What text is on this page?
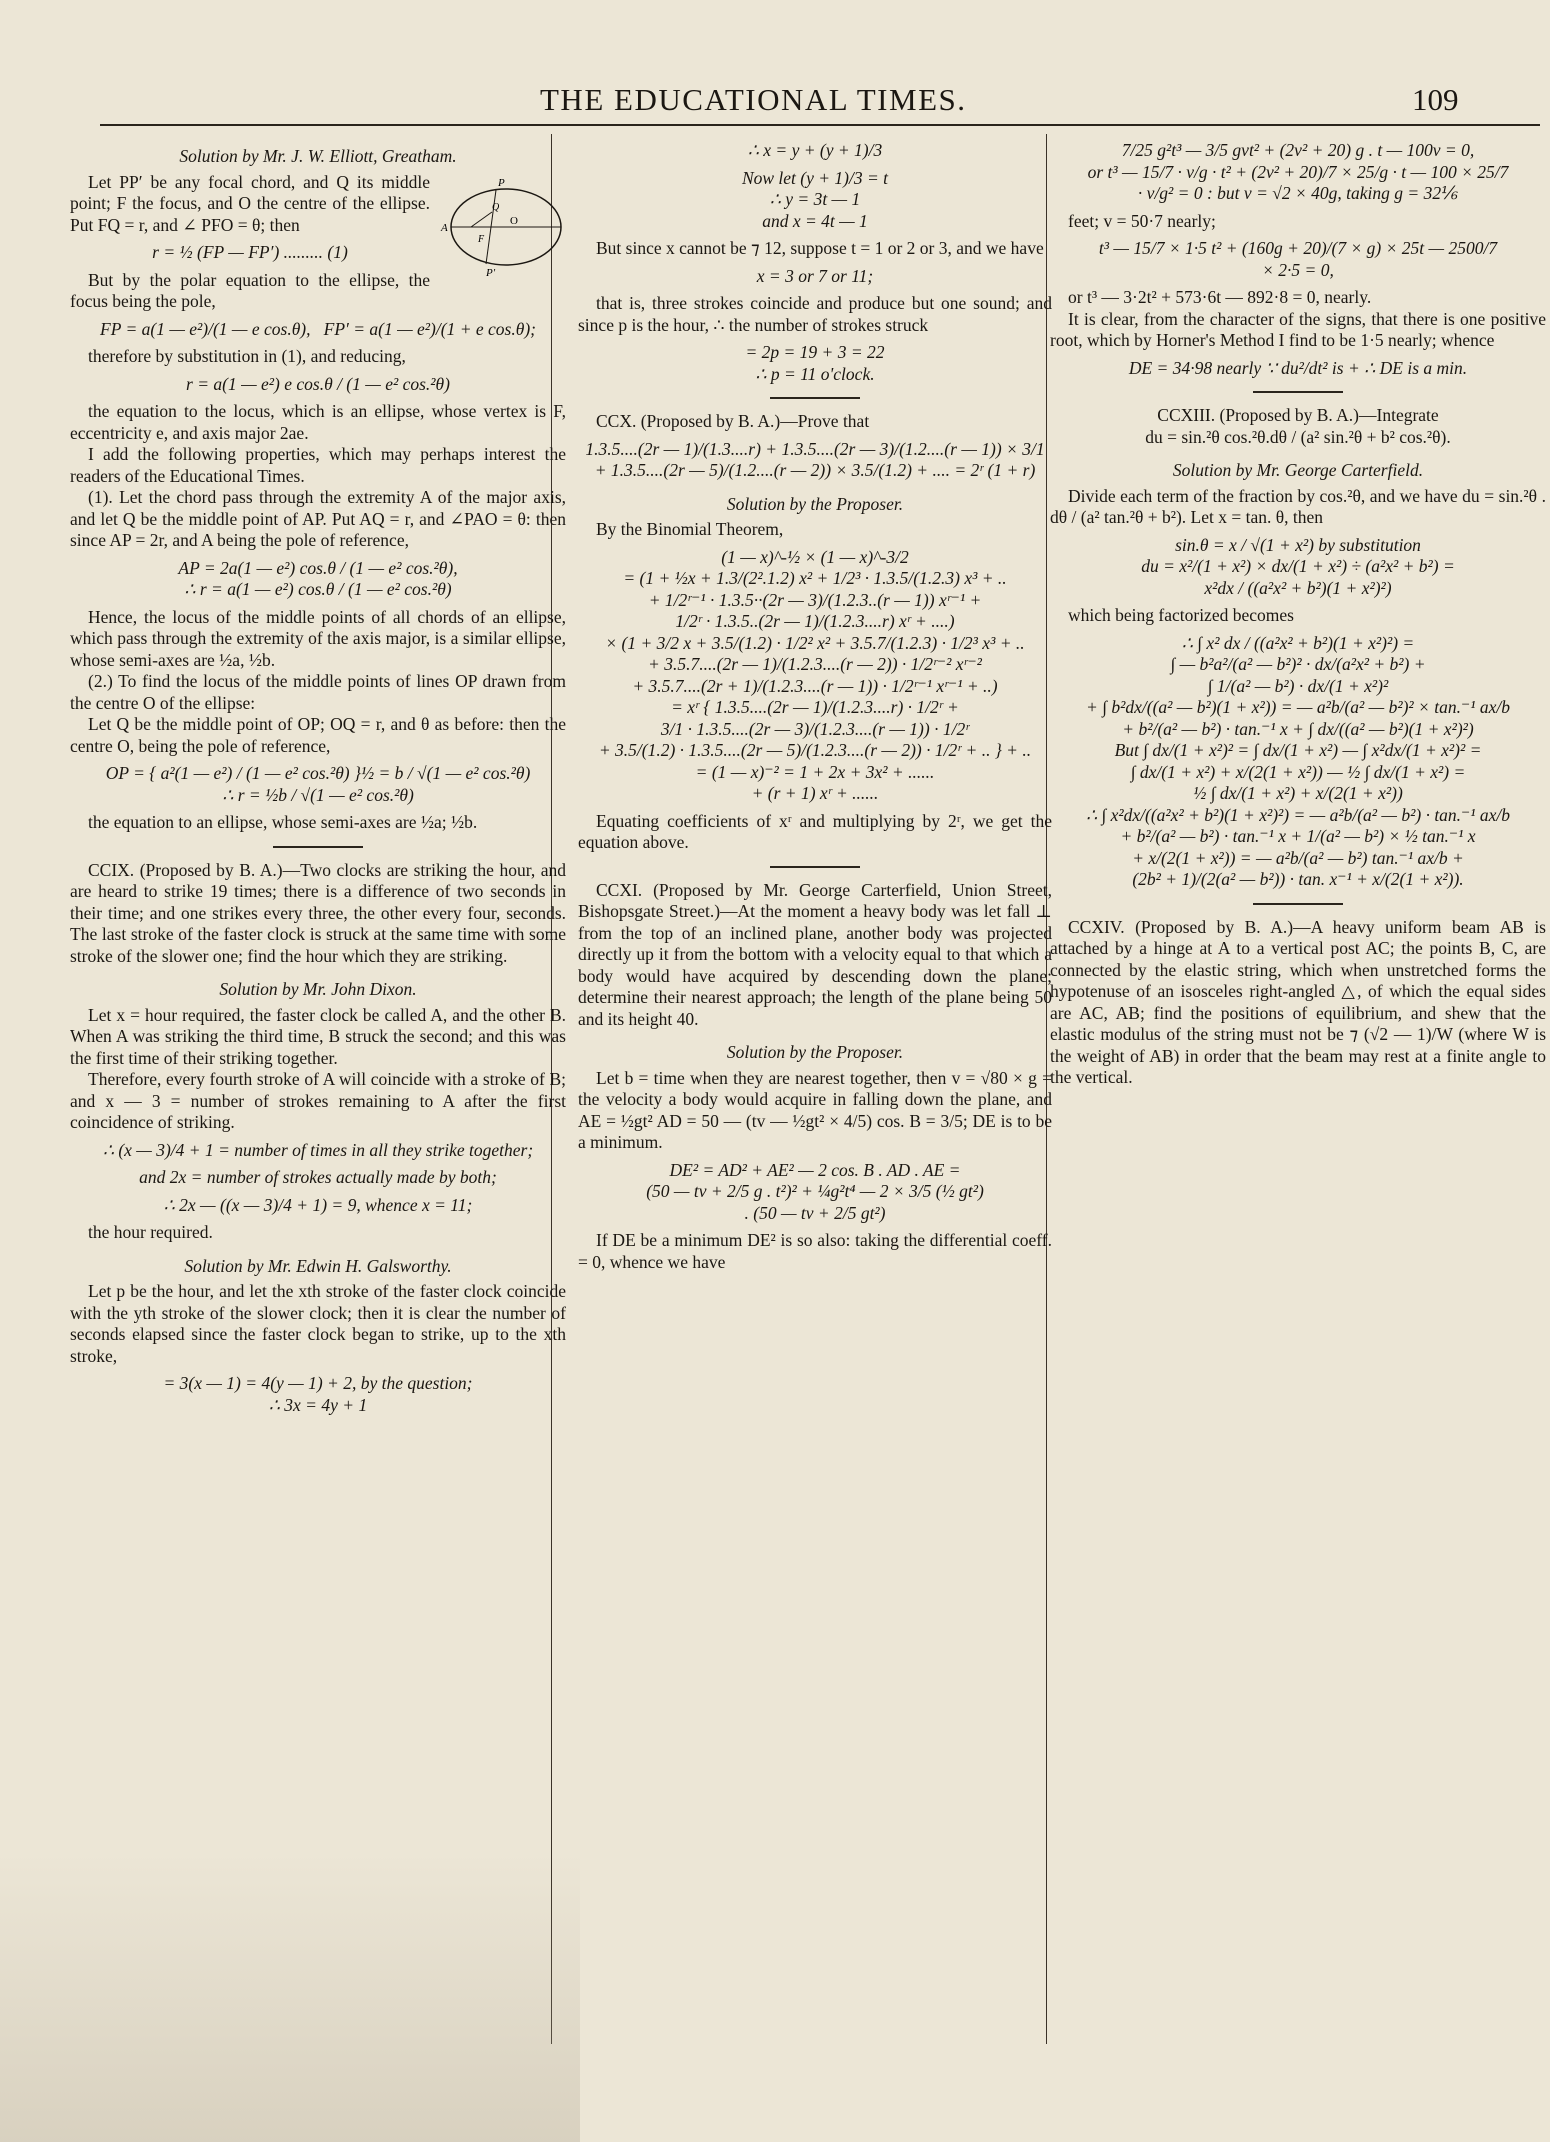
THE EDUCATIONAL TIMES.	109
Solution by Mr. J. W. Elliott, Greatham.
A
P
P′
O
F
Q

Let PP′ be any focal chord, and Q its middle point; F the focus, and O the centre of the ellipse. Put FQ = r, and ∠ PFO = θ; then

r = ½ (FP — FP′) ......... (1)

But by the polar equation to the ellipse, the focus being the pole,

FP = a(1 — e²)/(1 — e cos.θ),   FP′ = a(1 — e²)/(1 + e cos.θ);

therefore by substitution in (1), and reducing,

r = a(1 — e²) e cos.θ / (1 — e² cos.²θ)

the equation to the locus, which is an ellipse, whose vertex is F, eccentricity e, and axis major 2ae.

I add the following properties, which may perhaps interest the readers of the Educational Times.

(1). Let the chord pass through the extremity A of the major axis, and let Q be the middle point of AP. Put AQ = r, and ∠PAO = θ: then since AP = 2r, and A being the pole of reference,

AP = 2a(1 — e²) cos.θ / (1 — e² cos.²θ),
∴ r = a(1 — e²) cos.θ / (1 — e² cos.²θ)

Hence, the locus of the middle points of all chords of an ellipse, which pass through the extremity of the axis major, is a similar ellipse, whose semi-axes are ½a, ½b.

(2.) To find the locus of the middle points of lines OP drawn from the centre O of the ellipse:

Let Q be the middle point of OP; OQ = r, and θ as before: then the centre O, being the pole of reference,

OP = { a²(1 — e²) / (1 — e² cos.²θ) }½ = b / √(1 — e² cos.²θ)
∴ r = ½b / √(1 — e² cos.²θ)

the equation to an ellipse, whose semi-axes are ½a; ½b.

CCIX. (Proposed by B. A.)—Two clocks are striking the hour, and are heard to strike 19 times; there is a difference of two seconds in their time; and one strikes every three, the other every four, seconds. The last stroke of the faster clock is struck at the same time with some stroke of the slower one; find the hour which they are striking.

Solution by Mr. John Dixon.

Let x = hour required, the faster clock be called A, and the other B. When A was striking the third time, B struck the second; and this was the first time of their striking together.

Therefore, every fourth stroke of A will coincide with a stroke of B; and x — 3 = number of strokes remaining to A after the first coincidence of striking.

∴ (x — 3)/4 + 1 = number of times in all they strike together;
and 2x = number of strokes actually made by both;
∴ 2x — ((x — 3)/4 + 1) = 9, whence x = 11;

the hour required.

Solution by Mr. Edwin H. Galsworthy.

Let p be the hour, and let the xth stroke of the faster clock coincide with the yth stroke of the slower clock; then it is clear the number of seconds elapsed since the faster clock began to strike, up to the xth stroke,

= 3(x — 1) = 4(y — 1) + 2, by the question;
∴ 3x = 4y + 1
∴ x = y + (y + 1)/3
Now let (y + 1)/3 = t
∴ y = 3t — 1
and x = 4t — 1

But since x cannot be ⁊ 12, suppose t = 1 or 2 or 3, and we have

x = 3 or 7 or 11;

that is, three strokes coincide and produce but one sound; and since p is the hour, ∴ the number of strokes struck

= 2p = 19 + 3 = 22
∴ p = 11 o'clock.

CCX. (Proposed by B. A.)—Prove that

1.3.5....(2r — 1)/(1.3....r) + 1.3.5....(2r — 3)/(1.2....(r — 1)) × 3/1
+ 1.3.5....(2r — 5)/(1.2....(r — 2)) × 3.5/(1.2) + .... = 2ʳ (1 + r)
Solution by the Proposer.

By the Binomial Theorem,

(1 — x)^-½ × (1 — x)^-3/2
= (1 + ½x + 1.3/(2².1.2) x² + 1/2³ · 1.3.5/(1.2.3) x³ + ..
+ 1/2ʳ⁻¹ · 1.3.5··(2r — 3)/(1.2.3..(r — 1)) xʳ⁻¹ +
1/2ʳ · 1.3.5..(2r — 1)/(1.2.3....r) xʳ + ....)
× (1 + 3/2 x + 3.5/(1.2) · 1/2² x² + 3.5.7/(1.2.3) · 1/2³ x³ + ..
+ 3.5.7....(2r — 1)/(1.2.3....(r — 2)) · 1/2ʳ⁻² xʳ⁻²
+ 3.5.7....(2r + 1)/(1.2.3....(r — 1)) · 1/2ʳ⁻¹ xʳ⁻¹ + ..)
= xʳ { 1.3.5....(2r — 1)/(1.2.3....r) · 1/2ʳ +
3/1 · 1.3.5....(2r — 3)/(1.2.3....(r — 1)) · 1/2ʳ
+ 3.5/(1.2) · 1.3.5....(2r — 5)/(1.2.3....(r — 2)) · 1/2ʳ + .. } + ..
= (1 — x)⁻² = 1 + 2x + 3x² + ......
+ (r + 1) xʳ + ......

Equating coefficients of xʳ and multiplying by 2ʳ, we get the equation above.

CCXI. (Proposed by Mr. George Carterfield, Union Street, Bishopsgate Street.)—At the moment a heavy body was let fall ⊥ from the top of an inclined plane, another body was projected directly up it from the bottom with a velocity equal to that which a body would have acquired by descending down the plane; determine their nearest approach; the length of the plane being 50 and its height 40.

Solution by the Proposer.

Let b = time when they are nearest together, then v = √80 × g = the velocity a body would acquire in falling down the plane, and AE = ½gt² AD = 50 — (tv — ½gt² × 4/5) cos. B = 3/5; DE is to be a minimum.

DE² = AD² + AE² — 2 cos. B . AD . AE =
(50 — tv + 2/5 g . t²)² + ¼g²t⁴ — 2 × 3/5 (½ gt²)
. (50 — tv + 2/5 gt²)

If DE be a minimum DE² is so also: taking the differential coeff. = 0, whence we have

7/25 g²t³ — 3/5 gvt² + (2v² + 20) g . t — 100v = 0,
or t³ — 15/7 · v/g · t² + (2v² + 20)/7 × 25/g · t — 100 × 25/7
· v/g² = 0 : but v = √2 × 40g, taking g = 32⅙

feet; v = 50·7 nearly;

t³ — 15/7 × 1·5 t² + (160g + 20)/(7 × g) × 25t — 2500/7
× 2·5 = 0,

or t³ — 3·2t² + 573·6t — 892·8 = 0, nearly.

It is clear, from the character of the signs, that there is one positive root, which by Horner's Method I find to be 1·5 nearly; whence

DE = 34·98 nearly ∵ du²/dt² is + ∴ DE is a min.
CCXIII. (Proposed by B. A.)—Integrate
du = sin.²θ cos.²θ.dθ / (a² sin.²θ + b² cos.²θ).
Solution by Mr. George Carterfield.

Divide each term of the fraction by cos.²θ, and we have du = sin.²θ . dθ / (a² tan.²θ + b²). Let x = tan. θ, then

sin.θ = x / √(1 + x²) by substitution
du = x²/(1 + x²) × dx/(1 + x²) ÷ (a²x² + b²) =
x²dx / ((a²x² + b²)(1 + x²)²)

which being factorized becomes

∴ ∫ x² dx / ((a²x² + b²)(1 + x²)²) =
∫ — b²a²/(a² — b²)² · dx/(a²x² + b²) +
∫ 1/(a² — b²) · dx/(1 + x²)²
+ ∫ b²dx/((a² — b²)(1 + x²)) = — a²b/(a² — b²)² × tan.⁻¹ ax/b
+ b²/(a² — b²) · tan.⁻¹ x + ∫ dx/((a² — b²)(1 + x²)²)
But ∫ dx/(1 + x²)² = ∫ dx/(1 + x²) — ∫ x²dx/(1 + x²)² =
∫ dx/(1 + x²) + x/(2(1 + x²)) — ½ ∫ dx/(1 + x²) =
½ ∫ dx/(1 + x²) + x/(2(1 + x²))
∴ ∫ x²dx/((a²x² + b²)(1 + x²)²) = — a²b/(a² — b²) · tan.⁻¹ ax/b
+ b²/(a² — b²) · tan.⁻¹ x + 1/(a² — b²) × ½ tan.⁻¹ x
+ x/(2(1 + x²)) = — a²b/(a² — b²) tan.⁻¹ ax/b +
(2b² + 1)/(2(a² — b²)) · tan. x⁻¹ + x/(2(1 + x²)).

CCXIV. (Proposed by B. A.)—A heavy uniform beam AB is attached by a hinge at A to a vertical post AC; the points B, C, are connected by the elastic string, which when unstretched forms the hypotenuse of an isosceles right-angled △, of which the equal sides are AC, AB; find the positions of equilibrium, and shew that the elastic modulus of the string must not be ⁊ (√2 — 1)/W (where W is the weight of AB) in order that the beam may rest at a finite angle to the vertical.
